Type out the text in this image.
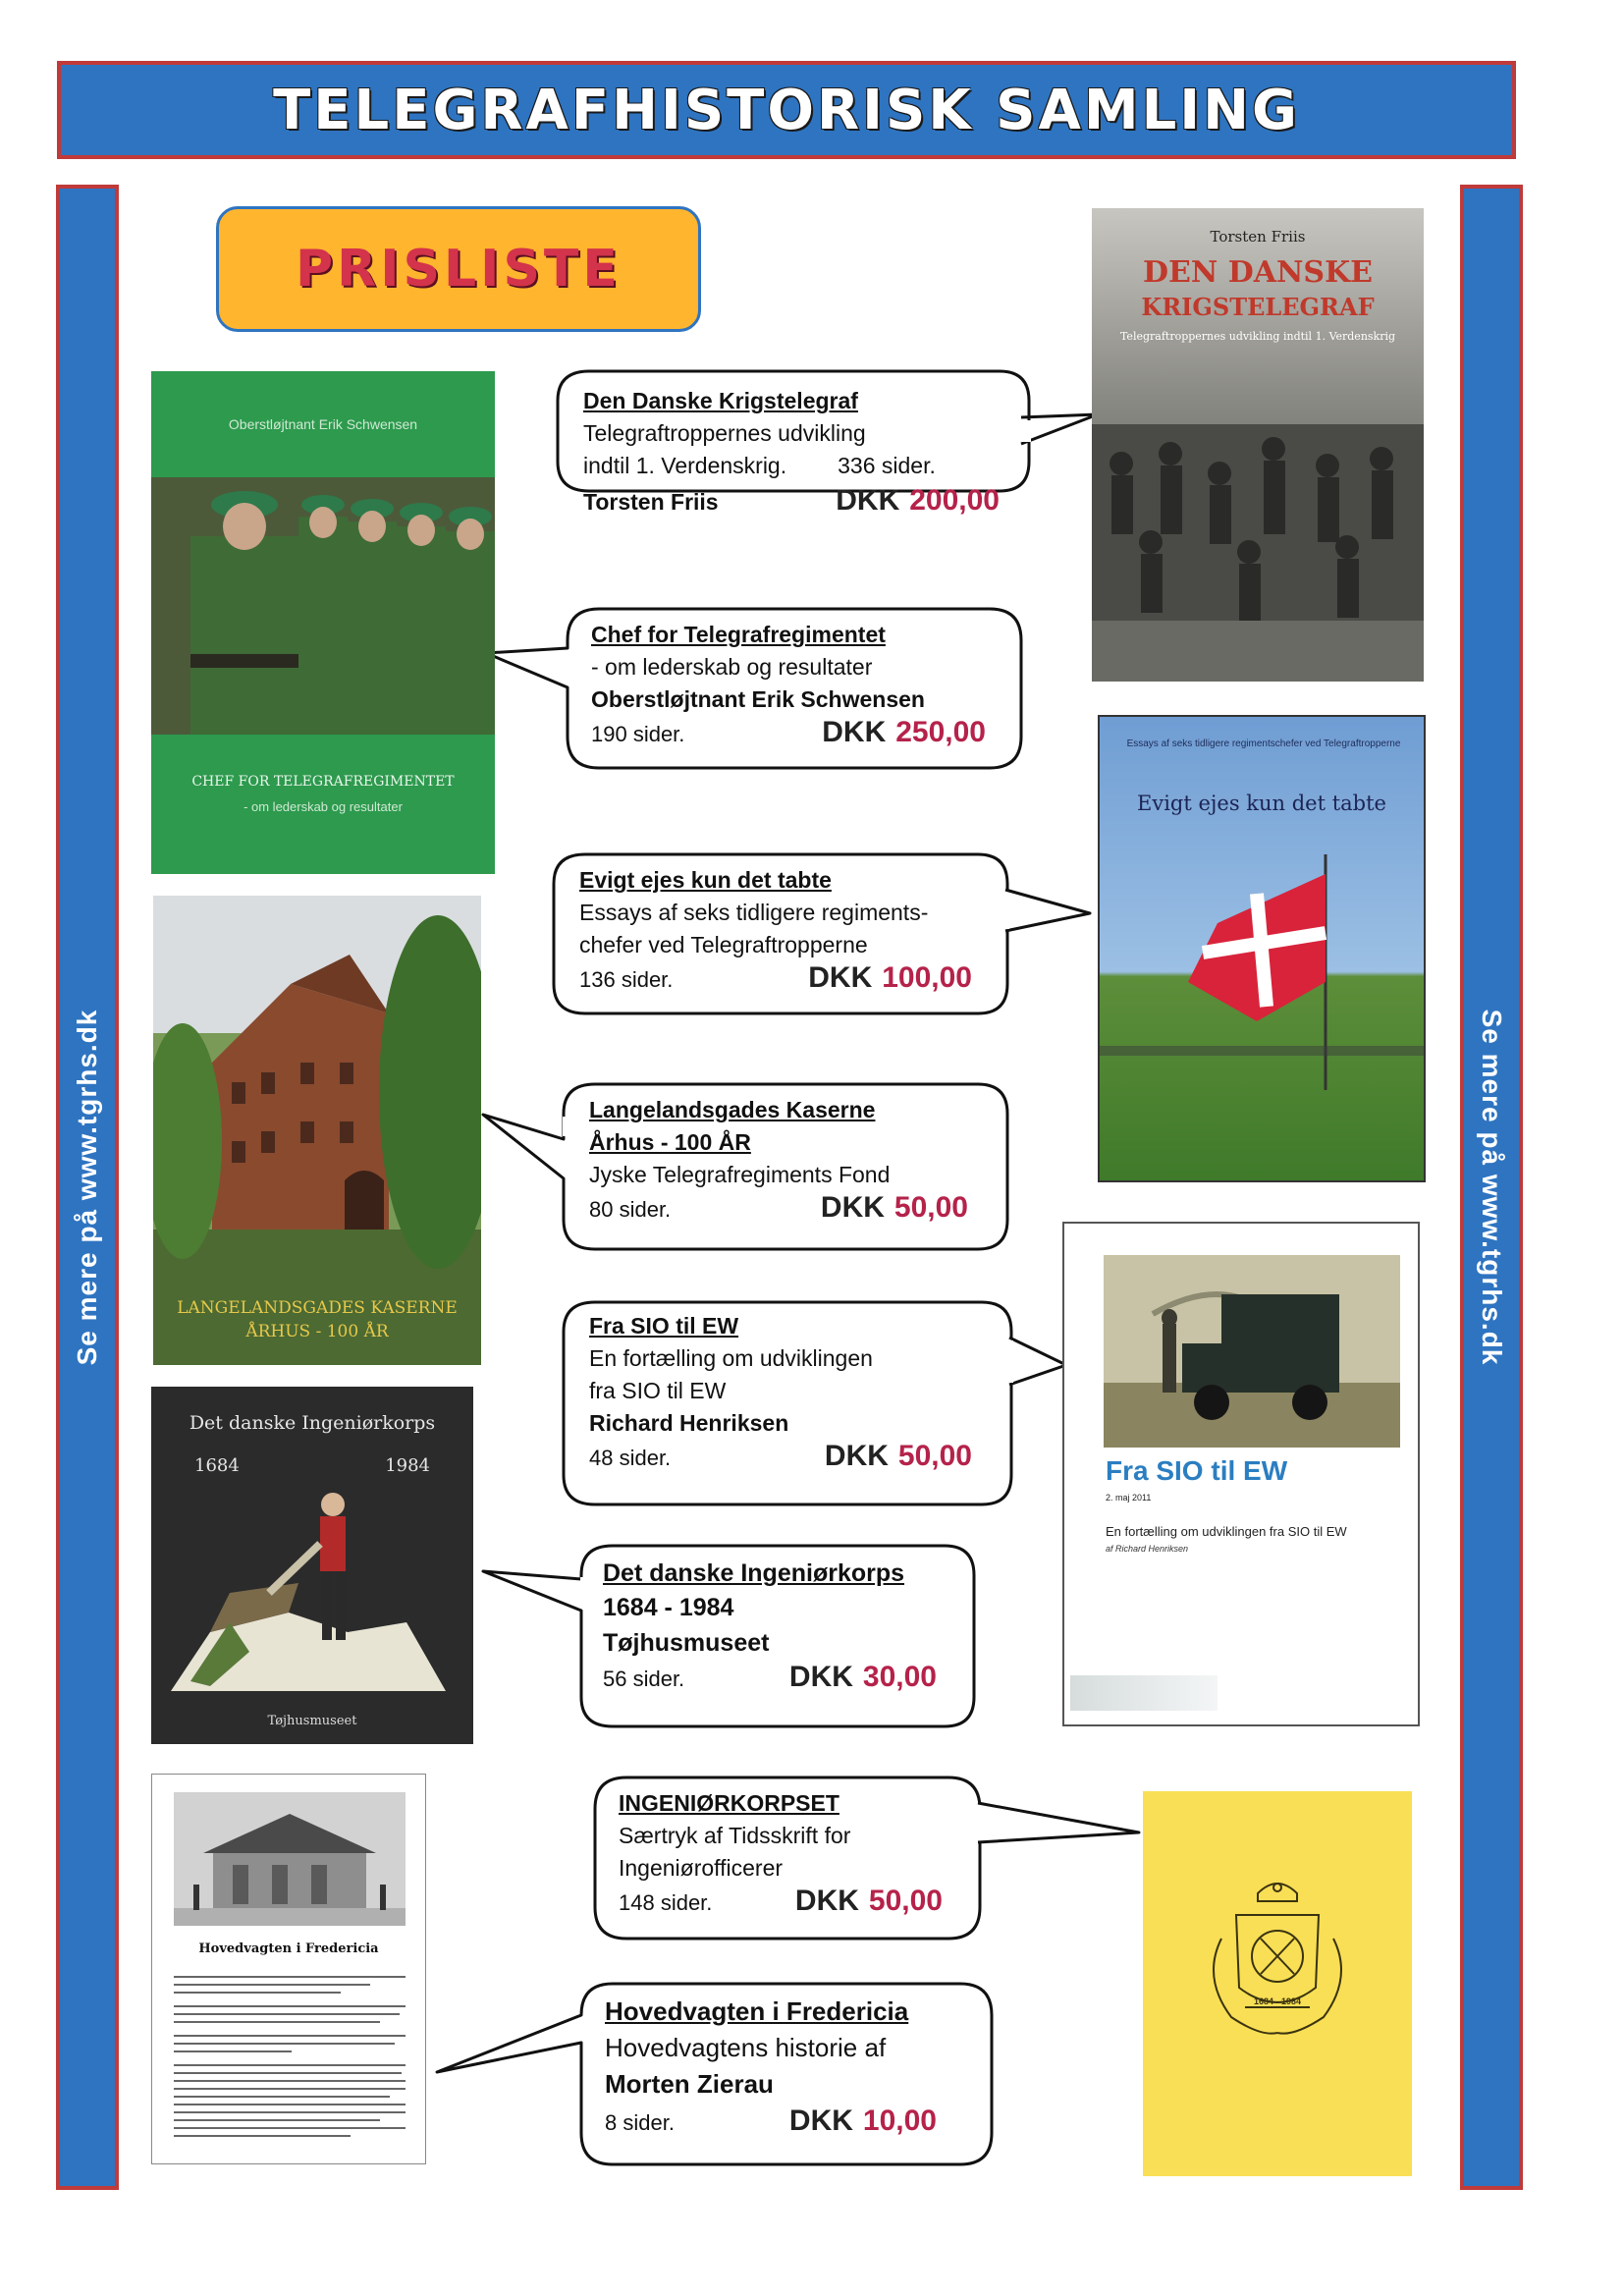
TELEGRAFHISTORISK SAMLING
Se mere på www.tgrhs.dk	Se mere på www.tgrhs.dk
PRISLISTE
Den Danske Krigstelegraf
Telegraftroppernes udvikling
indtil 1. Verdenskrig. 336 sider.
Torsten Friis	DKK 200,00
Chef for Telegrafregimentet
- om lederskab og resultater
Oberstløjtnant Erik Schwensen
190 sider.	DKK 250,00
Evigt ejes kun det tabte
Essays af seks tidligere regiments-
chefer ved Telegraftropperne
136 sider.	DKK 100,00
Langelandsgades Kaserne
Århus - 100 ÅR
Jyske Telegrafregiments Fond
80 sider.	DKK 50,00
Fra SIO til EW
En fortælling om udviklingen
fra SIO til EW
Richard Henriksen
48 sider.	DKK 50,00
Det danske Ingeniørkorps
1684 - 1984
Tøjhusmuseet
56 sider.	DKK 30,00
INGENIØRKORPSET
Særtryk af Tidsskrift for
Ingeniørofficerer
148 sider.	DKK 50,00
Hovedvagten i Fredericia
Hovedvagtens historie af
Morten Zierau
8 sider.	DKK 10,00
Torsten Friis
DEN DANSKE
KRIGSTELEGRAF
Telegraftroppernes udvikling indtil 1. Verdenskrig
Oberstløjtnant Erik Schwensen
CHEF FOR TELEGRAFREGIMENTET
- om lederskab og resultater
Essays af seks tidligere regimentschefer ved Telegraftropperne
Evigt ejes kun det tabte
LANGELANDSGADES KASERNE
ÅRHUS - 100 ÅR
Fra SIO til EW
2. maj 2011
En fortælling om udviklingen fra SIO til EW
af Richard Henriksen
Det danske Ingeniørkorps
1684	1984
Tøjhusmuseet
Hovedvagten i Fredericia
1684 - 1984
